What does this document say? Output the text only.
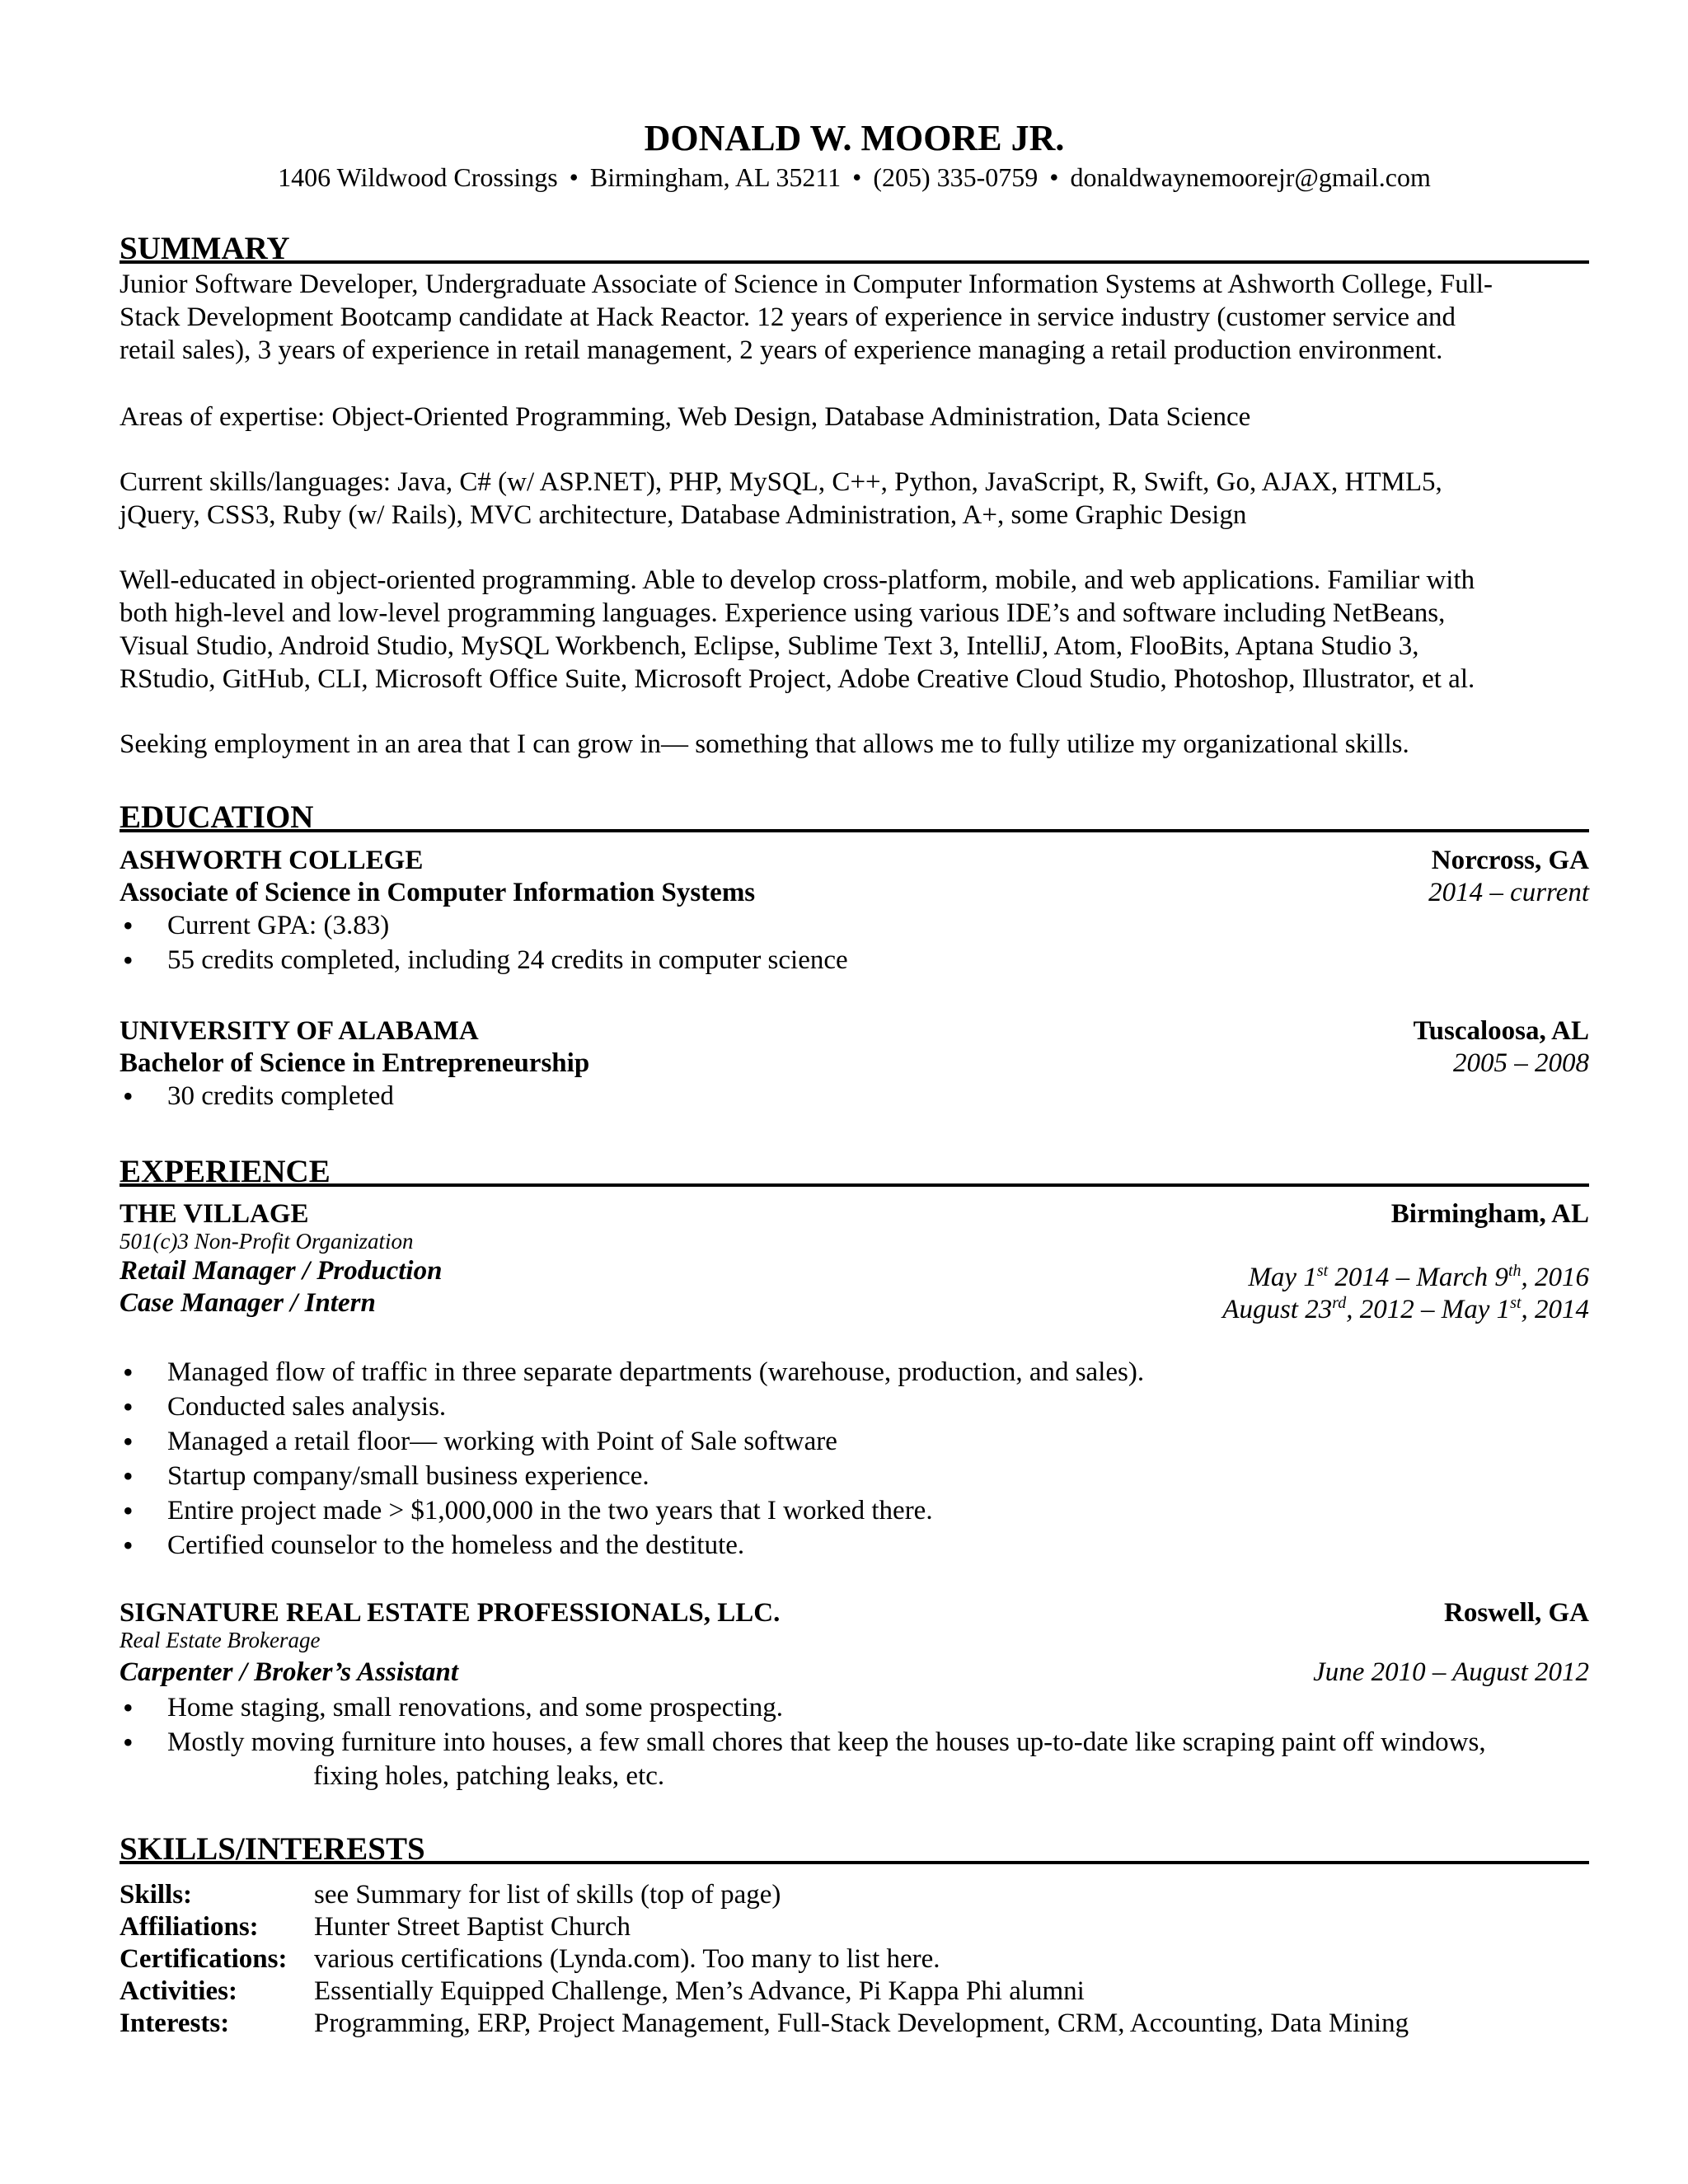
DONALD W. MOORE JR.
1406 Wildwood Crossings • Birmingham, AL 35211 • (205) 335-0759 • donaldwaynemoorejr@gmail.com
SUMMARY
Junior Software Developer, Undergraduate Associate of Science in Computer Information Systems at Ashworth College, Full-
Stack Development Bootcamp candidate at Hack Reactor. 12 years of experience in service industry (customer service and
retail sales), 3 years of experience in retail management, 2 years of experience managing a retail production environment.
Areas of expertise: Object-Oriented Programming, Web Design, Database Administration, Data Science
Current skills/languages: Java, C# (w/ ASP.NET), PHP, MySQL, C++, Python, JavaScript, R, Swift, Go, AJAX, HTML5,
jQuery, CSS3, Ruby (w/ Rails), MVC architecture, Database Administration, A+, some Graphic Design
Well-educated in object-oriented programming. Able to develop cross-platform, mobile, and web applications. Familiar with
both high-level and low-level programming languages. Experience using various IDE’s and software including NetBeans,
Visual Studio, Android Studio, MySQL Workbench, Eclipse, Sublime Text 3, IntelliJ, Atom, FlooBits, Aptana Studio 3,
RStudio, GitHub, CLI, Microsoft Office Suite, Microsoft Project, Adobe Creative Cloud Studio, Photoshop, Illustrator, et al.
Seeking employment in an area that I can grow in— something that allows me to fully utilize my organizational skills.
EDUCATION
ASHWORTH COLLEGE	Norcross, GA
Associate of Science in Computer Information Systems	2014 – current
• Current GPA: (3.83)
• 55 credits completed, including 24 credits in computer science
UNIVERSITY OF ALABAMA	Tuscaloosa, AL
Bachelor of Science in Entrepreneurship	2005 – 2008
• 30 credits completed
EXPERIENCE
THE VILLAGE	Birmingham, AL
501(c)3 Non-Profit Organization
Retail Manager / Production	May 1st 2014 – March 9th, 2016
Case Manager / Intern	August 23rd, 2012 – May 1st, 2014
• Managed flow of traffic in three separate departments (warehouse, production, and sales).
• Conducted sales analysis.
• Managed a retail floor— working with Point of Sale software
• Startup company/small business experience.
• Entire project made > $1,000,000 in the two years that I worked there.
• Certified counselor to the homeless and the destitute.
SIGNATURE REAL ESTATE PROFESSIONALS, LLC.	Roswell, GA
Real Estate Brokerage
Carpenter / Broker’s Assistant	June 2010 – August 2012
• Home staging, small renovations, and some prospecting.
• Mostly moving furniture into houses, a few small chores that keep the houses up-to-date like scraping paint off windows,
fixing holes, patching leaks, etc.
SKILLS/INTERESTS
Skills:	see Summary for list of skills (top of page)
Affiliations: Hunter Street Baptist Church
Certifications: various certifications (Lynda.com). Too many to list here.
Activities:	Essentially Equipped Challenge, Men’s Advance, Pi Kappa Phi alumni
Interests:	Programming, ERP, Project Management, Full-Stack Development, CRM, Accounting, Data Mining
